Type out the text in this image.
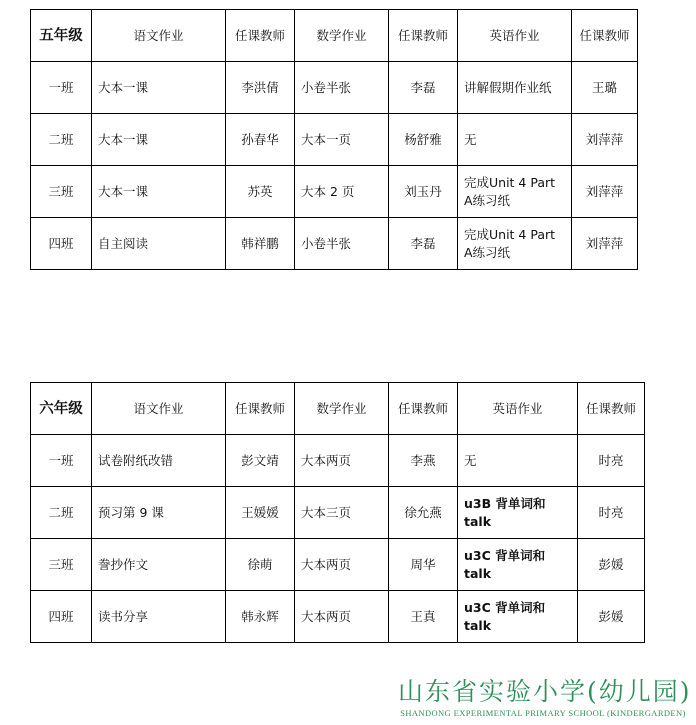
五年级	语文作业	任课教师	数学作业	任课教师	英语作业	任课教师
一班	大本一课	李洪倩	小卷半张	李磊	讲解假期作业纸	王璐
二班	大本一课	孙春华	大本一页	杨舒雅	无	刘萍萍
三班	大本一课	苏英	大本 2 页	刘玉丹	完成Unit 4 Part A练习纸	刘萍萍
四班	自主阅读	韩祥鹏	小卷半张	李磊	完成Unit 4 Part A练习纸	刘萍萍
六年级	语文作业	任课教师	数学作业	任课教师	英语作业	任课教师
一班	试卷附纸改错	彭文靖	大本两页	李燕	无	时亮
二班	预习第 9 课	王媛媛	大本三页	徐允燕	u3B 背单词和 talk	时亮
三班	誊抄作文	徐萌	大本两页	周华	u3C 背单词和 talk	彭媛
四班	读书分享	韩永辉	大本两页	王真	u3C 背单词和 talk	彭媛
山东省实验小学(幼儿园)
SHANDONG EXPERIMENTAL PRIMARY SCHOOL (KINDERGARDEN)
